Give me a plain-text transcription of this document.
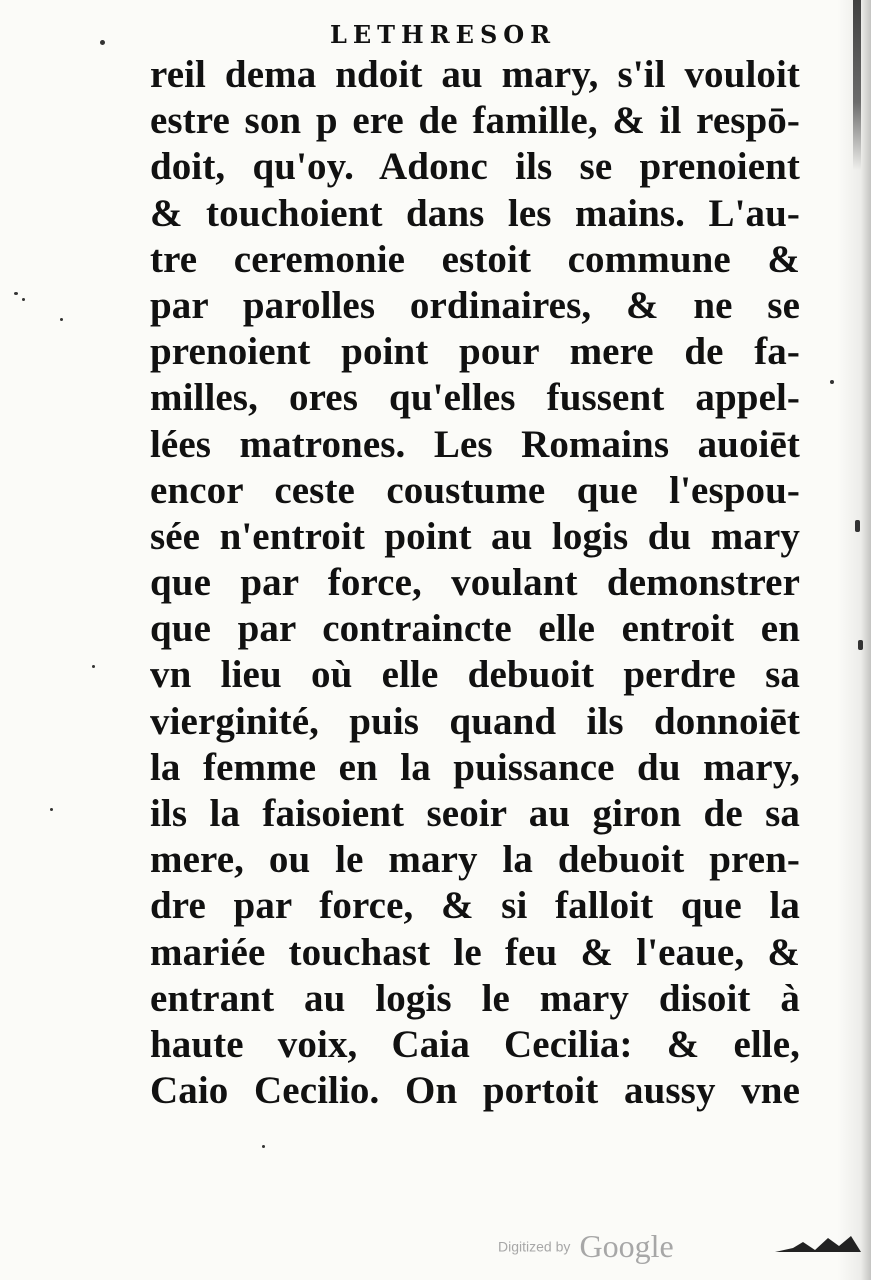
LETHRESOR
reil dema ndoit au mary, s'il vouloit
estre son p ere de famille, & il respō-
doit, qu'oy. Adonc ils se prenoient
& touchoient dans les mains. L'au-
tre ceremonie estoit commune &
par parolles ordinaires, & ne se
prenoient point pour mere de fa-
milles, ores qu'elles fussent appel-
lées matrones. Les Romains auoiēt
encor ceste coustume que l'espou-
sée n'entroit point au logis du mary
que par force, voulant demonstrer
que par contraincte elle entroit en
vn lieu où elle debuoit perdre sa
vierginité, puis quand ils donnoiēt
la femme en la puissance du mary,
ils la faisoient seoir au giron de sa
mere, ou le mary la debuoit pren-
dre par force, & si falloit que la
mariée touchast le feu & l'eaue, &
entrant au logis le mary disoit à
haute voix, Caia Cecilia: & elle,
Caio Cecilio. On portoit aussy vne
Digitized by Google
